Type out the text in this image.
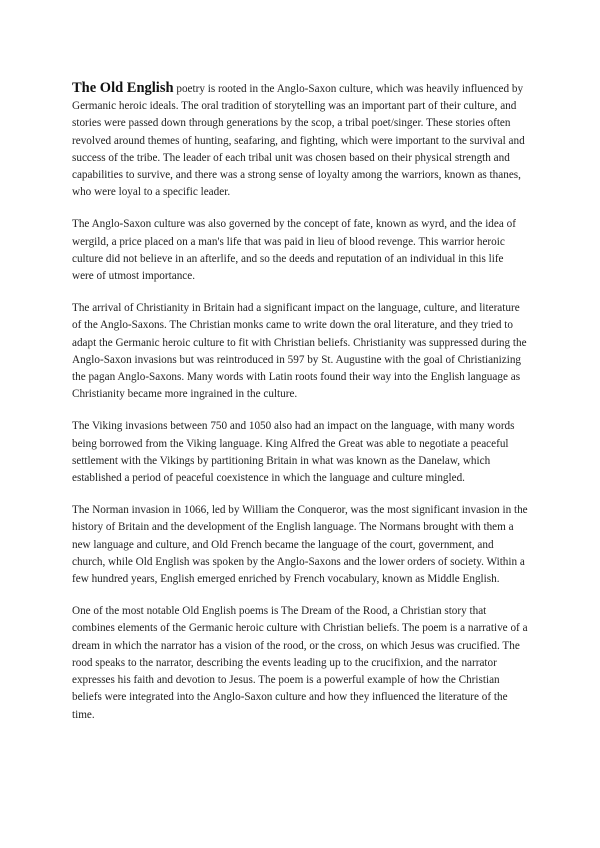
The Old English poetry is rooted in the Anglo-Saxon culture, which was heavily influenced by Germanic heroic ideals. The oral tradition of storytelling was an important part of their culture, and stories were passed down through generations by the scop, a tribal poet/singer. These stories often revolved around themes of hunting, seafaring, and fighting, which were important to the survival and success of the tribe. The leader of each tribal unit was chosen based on their physical strength and capabilities to survive, and there was a strong sense of loyalty among the warriors, known as thanes, who were loyal to a specific leader.

The Anglo-Saxon culture was also governed by the concept of fate, known as wyrd, and the idea of wergild, a price placed on a man's life that was paid in lieu of blood revenge. This warrior heroic culture did not believe in an afterlife, and so the deeds and reputation of an individual in this life were of utmost importance.

The arrival of Christianity in Britain had a significant impact on the language, culture, and literature of the Anglo-Saxons. The Christian monks came to write down the oral literature, and they tried to adapt the Germanic heroic culture to fit with Christian beliefs. Christianity was suppressed during the Anglo-Saxon invasions but was reintroduced in 597 by St. Augustine with the goal of Christianizing the pagan Anglo-Saxons. Many words with Latin roots found their way into the English language as Christianity became more ingrained in the culture.

The Viking invasions between 750 and 1050 also had an impact on the language, with many words being borrowed from the Viking language. King Alfred the Great was able to negotiate a peaceful settlement with the Vikings by partitioning Britain in what was known as the Danelaw, which established a period of peaceful coexistence in which the language and culture mingled.

The Norman invasion in 1066, led by William the Conqueror, was the most significant invasion in the history of Britain and the development of the English language. The Normans brought with them a new language and culture, and Old French became the language of the court, government, and church, while Old English was spoken by the Anglo-Saxons and the lower orders of society. Within a few hundred years, English emerged enriched by French vocabulary, known as Middle English.

One of the most notable Old English poems is The Dream of the Rood, a Christian story that combines elements of the Germanic heroic culture with Christian beliefs. The poem is a narrative of a dream in which the narrator has a vision of the rood, or the cross, on which Jesus was crucified. The rood speaks to the narrator, describing the events leading up to the crucifixion, and the narrator expresses his faith and devotion to Jesus. The poem is a powerful example of how the Christian beliefs were integrated into the Anglo-Saxon culture and how they influenced the literature of the time.
